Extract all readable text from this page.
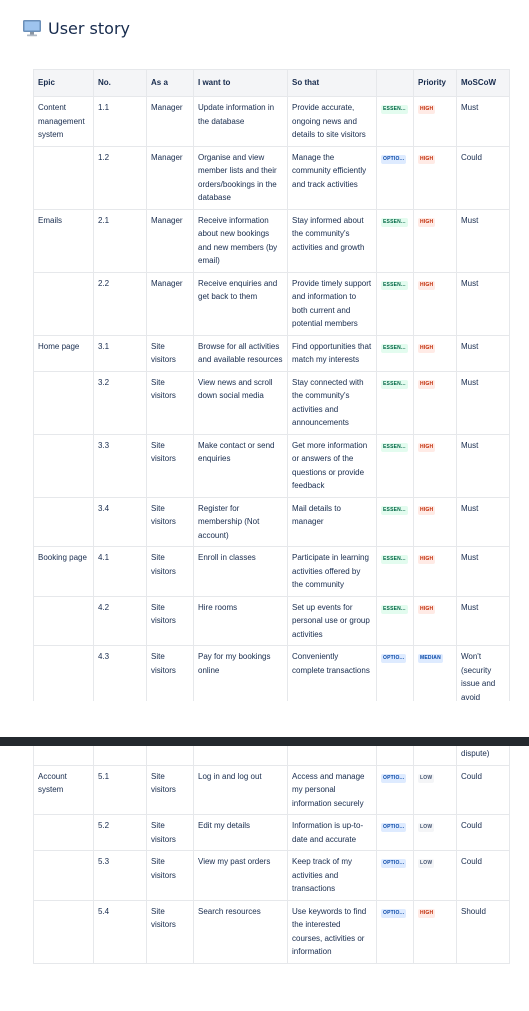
User story
Epic	No.	As a	I want to	So that		Priority	MoSCoW
Content management system	1.1	Manager	Update information in the database	Provide accurate, ongoing news and details to site visitors	ESSEN...	HIGH	Must
	1.2	Manager	Organise and view member lists and their orders/bookings in the database	Manage the community efficiently and track activities	OPTIO...	HIGH	Could
Emails	2.1	Manager	Receive information about new bookings and new members (by email)	Stay informed about the community's activities and growth	ESSEN...	HIGH	Must
	2.2	Manager	Receive enquiries and get back to them	Provide timely support and information to both current and potential members	ESSEN...	HIGH	Must
Home page	3.1	Site visitors	Browse for all activities and available resources	Find opportunities that match my interests	ESSEN...	HIGH	Must
	3.2	Site visitors	View news and scroll down social media	Stay connected with the community's activities and announcements	ESSEN...	HIGH	Must
	3.3	Site visitors	Make contact or send enquiries	Get more information or answers of the questions or provide feedback	ESSEN...	HIGH	Must
	3.4	Site visitors	Register for membership (Not account)	Mail details to manager	ESSEN...	HIGH	Must
Booking page	4.1	Site visitors	Enroll in classes	Participate in learning activities offered by the community	ESSEN...	HIGH	Must
	4.2	Site visitors	Hire rooms	Set up events for personal use or group activities	ESSEN...	HIGH	Must
	4.3	Site visitors	Pay for my bookings online	Conveniently complete transactions	OPTIO...	MEDIAN	Won't (security issue and avoid
							dispute)
Account system	5.1	Site visitors	Log in and log out	Access and manage my personal information securely	OPTIO...	LOW	Could
	5.2	Site visitors	Edit my details	Information is up-to-date and accurate	OPTIO...	LOW	Could
	5.3	Site visitors	View my past orders	Keep track of my activities and transactions	OPTIO...	LOW	Could
	5.4	Site visitors	Search resources	Use keywords to find the interested courses, activities or information	OPTIO...	HIGH	Should
